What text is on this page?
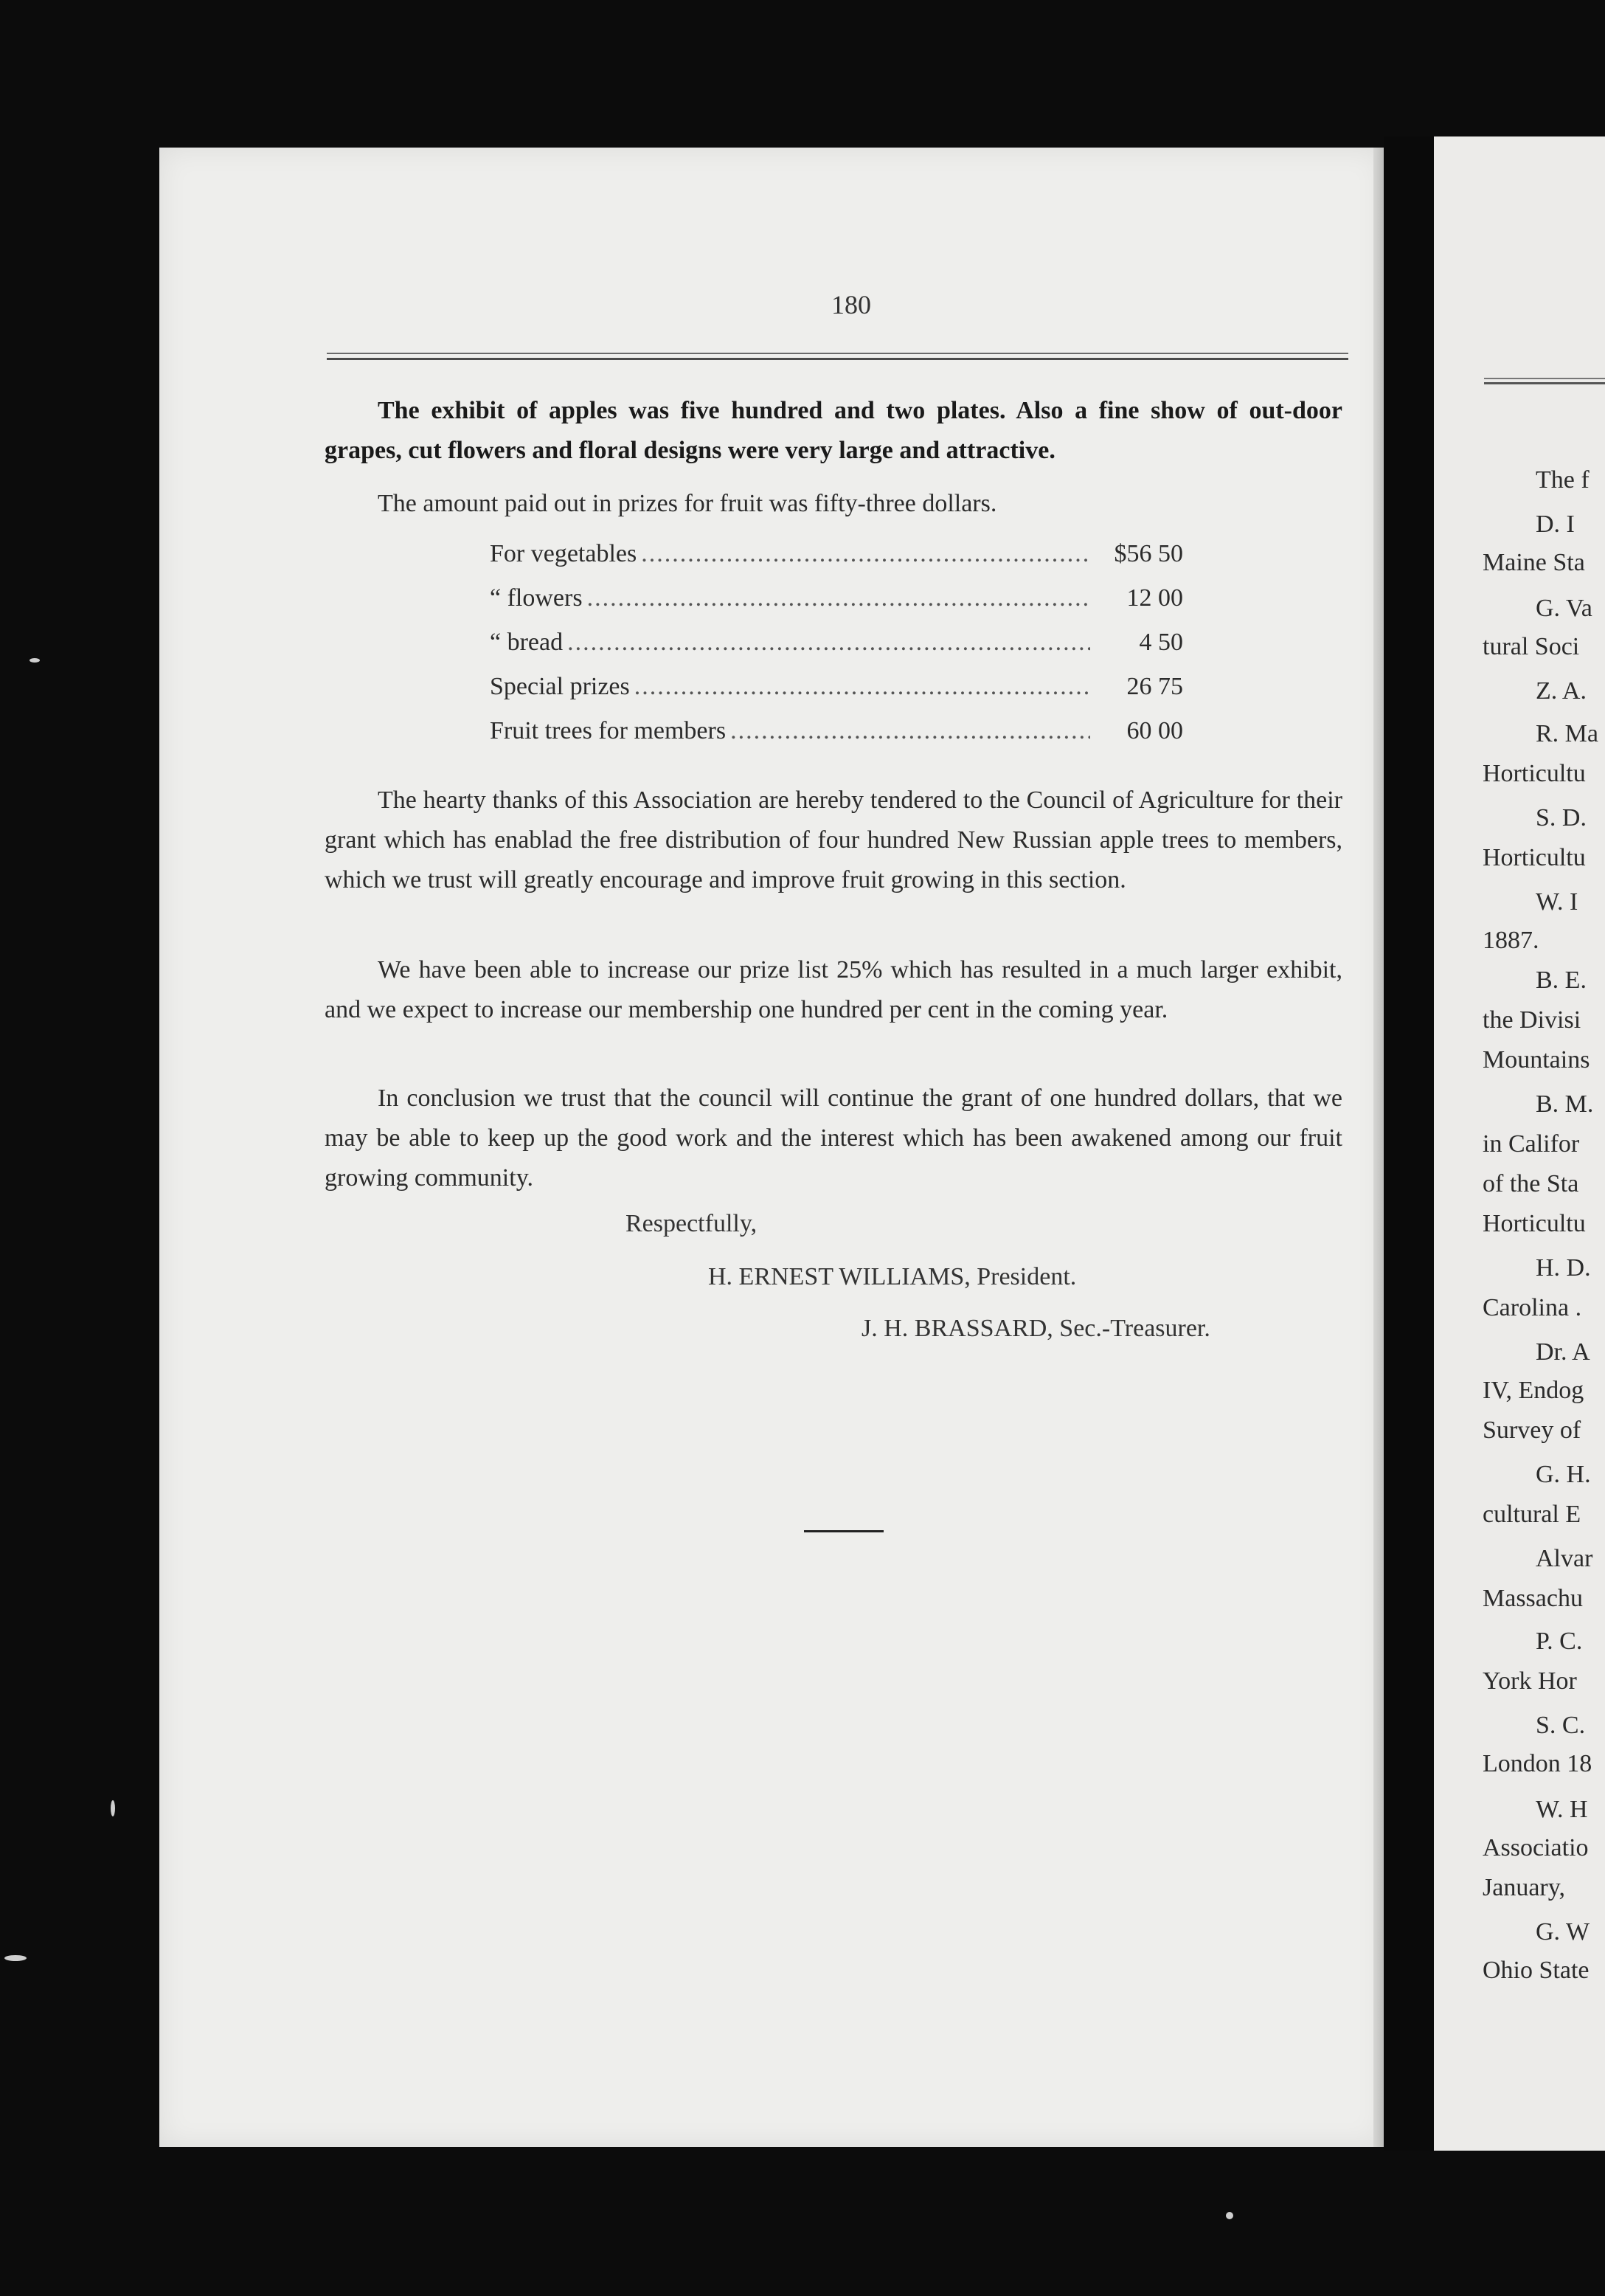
180

The exhibit of apples was five hundred and two plates. Also a fine show of out-door grapes, cut flowers and floral designs were very large and attractive.

The amount paid out in prizes for fruit was fifty-three dollars.

For vegetables .....	$56 50
“ flowers .....	12 00
“ bread .....	4 50
Special prizes .....	26 75
Fruit trees for members .....	60 00

The hearty thanks of this Association are hereby tendered to the Council of Agriculture for their grant which has enablad the free distribution of four hundred New Russian apple trees to members, which we trust will greatly encourage and improve fruit growing in this section.

We have been able to increase our prize list 25% which has resulted in a much larger exhibit, and we expect to increase our membership one hundred per cent in the coming year.

In conclusion we trust that the council will continue the grant of one hundred dollars, that we may be able to keep up the good work and the interest which has been awakened among our fruit growing community.

Respectfully,
H. ERNEST WILLIAMS, President.
J. H. BRASSARD, Sec.-Treasurer.
The f
D. I
Maine Sta
G. Va
tural Soci
Z. A.
R. Ma
Horticultu
S. D.
Horticultu
W. I
1887.
B. E.
the Divisi
Mountains
B. M.
in Califor
of the Sta
Horticultu
H. D.
Carolina .
Dr. A
IV, Endog
Survey of
G. H.
cultural E
Alvar
Massachu
P. C.
York Hor
S. C.
London 18
W. H
Associatio
January,
G. W
Ohio State
